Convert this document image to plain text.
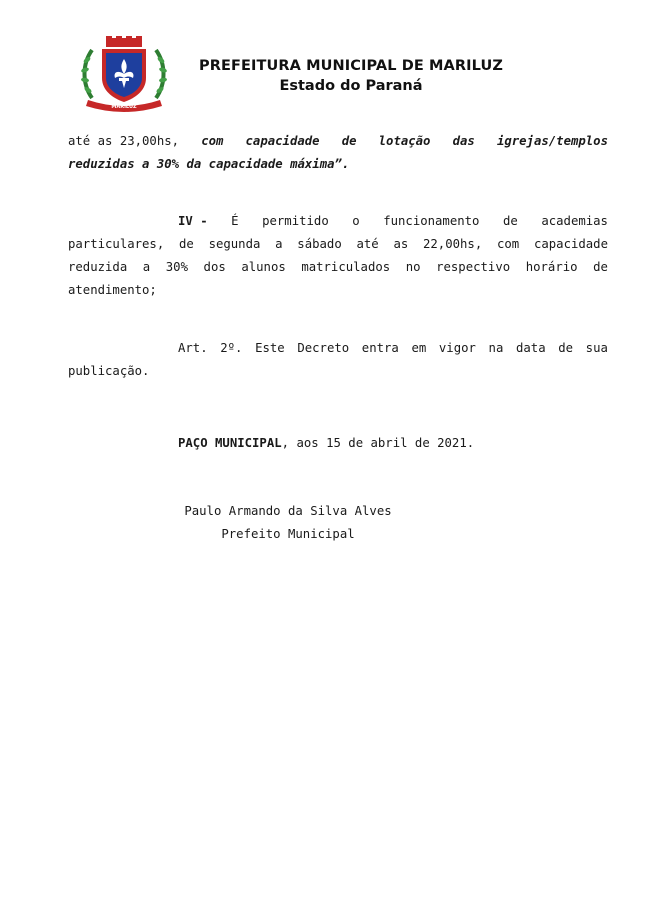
MARILUZ
PREFEITURA MUNICIPAL DE MARILUZ
Estado do Paraná
até as 23,00hs, com capacidade de lotação das igrejas/templos
reduzidas a 30% da capacidade máxima”.
IV - É permitido o funcionamento de academias
particulares, de segunda a sábado até as 22,00hs, com capacidade
reduzida a 30% dos alunos matriculados no respectivo horário de
atendimento;
Art. 2º. Este Decreto entra em vigor na data de sua
publicação.
PAÇO MUNICIPAL, aos 15 de abril de 2021.
Paulo Armando da Silva Alves
Prefeito Municipal
